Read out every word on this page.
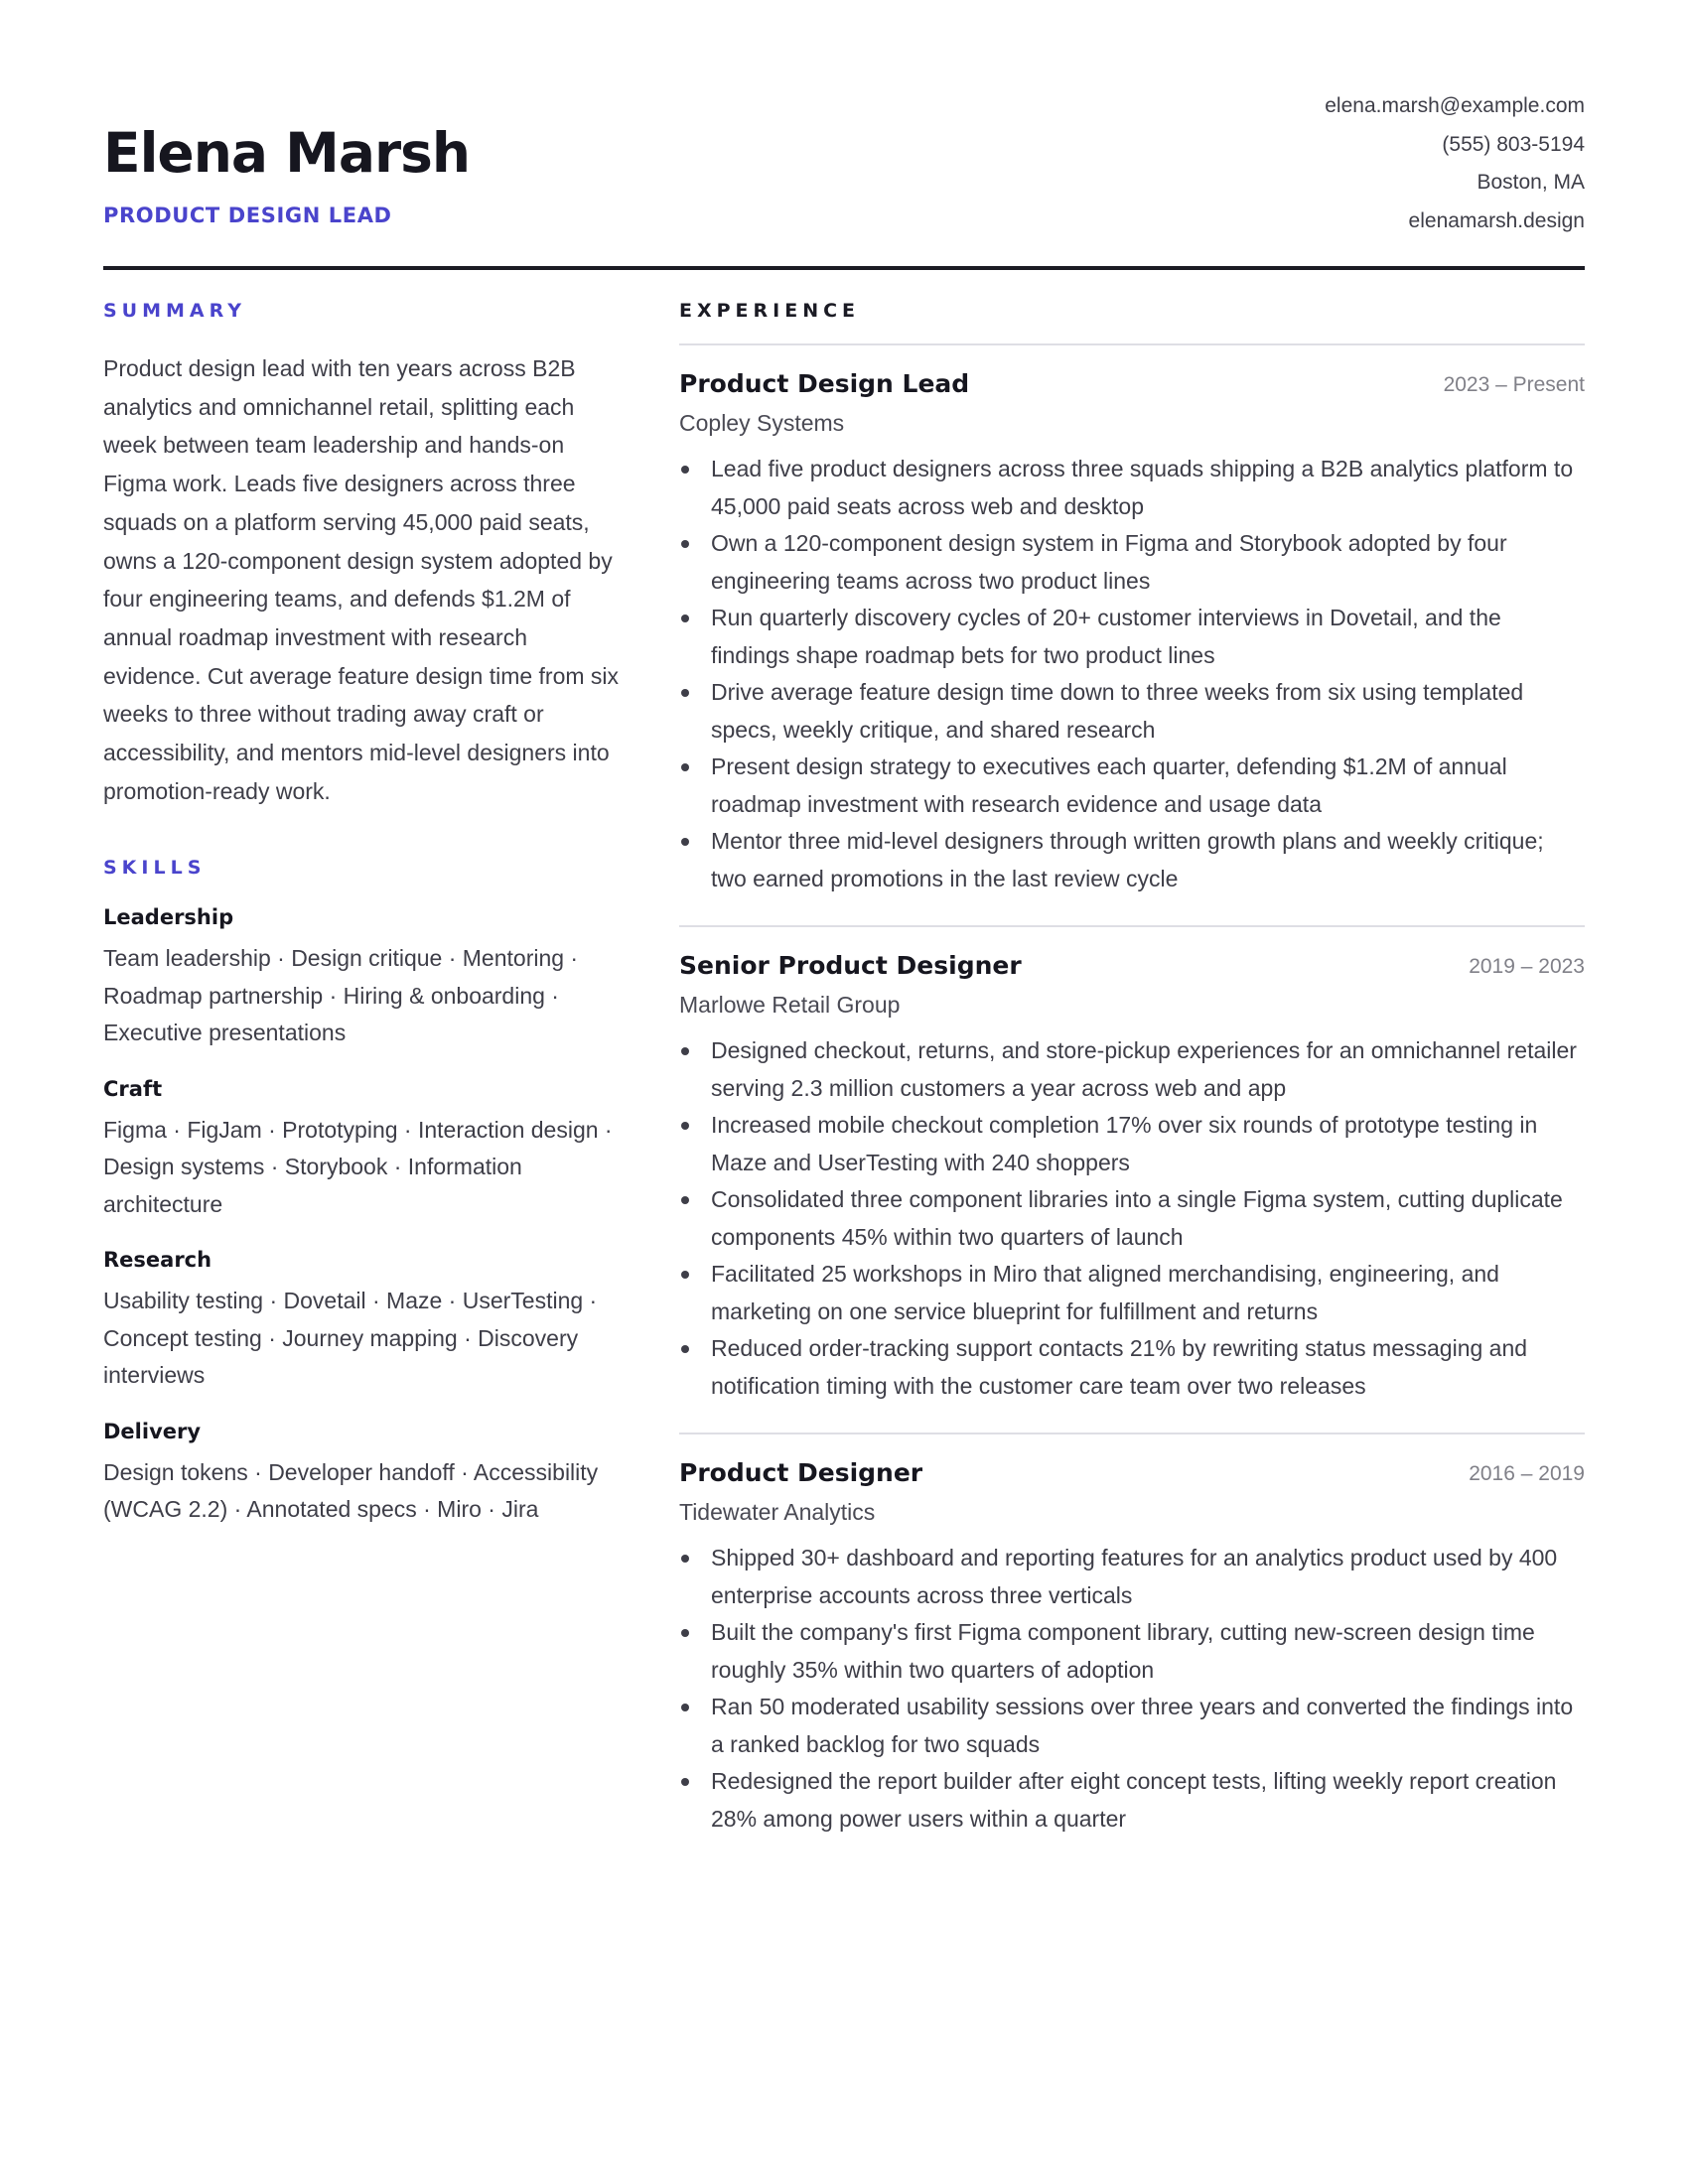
Elena Marsh
PRODUCT DESIGN LEAD
elena.marsh@example.com
(555) 803-5194
Boston, MA
elenamarsh.design
SUMMARY
Product design lead with ten years across B2B analytics and omnichannel retail, splitting each week between team leadership and hands-on Figma work. Leads five designers across three squads on a platform serving 45,000 paid seats, owns a 120-component design system adopted by four engineering teams, and defends $1.2M of annual roadmap investment with research evidence. Cut average feature design time from six weeks to three without trading away craft or accessibility, and mentors mid-level designers into promotion-ready work.
SKILLS
Leadership
Team leadership · Design critique · Mentoring · Roadmap partnership · Hiring & onboarding · Executive presentations
Craft
Figma · FigJam · Prototyping · Interaction design · Design systems · Storybook · Information architecture
Research
Usability testing · Dovetail · Maze · UserTesting · Concept testing · Journey mapping · Discovery interviews
Delivery
Design tokens · Developer handoff · Accessibility (WCAG 2.2) · Annotated specs · Miro · Jira
EXPERIENCE
Product Design Lead	2023 – Present
Copley Systems
Lead five product designers across three squads shipping a B2B analytics platform to 45,000 paid seats across web and desktop
Own a 120-component design system in Figma and Storybook adopted by four engineering teams across two product lines
Run quarterly discovery cycles of 20+ customer interviews in Dovetail, and the findings shape roadmap bets for two product lines
Drive average feature design time down to three weeks from six using templated specs, weekly critique, and shared research
Present design strategy to executives each quarter, defending $1.2M of annual roadmap investment with research evidence and usage data
Mentor three mid-level designers through written growth plans and weekly critique; two earned promotions in the last review cycle
Senior Product Designer	2019 – 2023
Marlowe Retail Group
Designed checkout, returns, and store-pickup experiences for an omnichannel retailer serving 2.3 million customers a year across web and app
Increased mobile checkout completion 17% over six rounds of prototype testing in Maze and UserTesting with 240 shoppers
Consolidated three component libraries into a single Figma system, cutting duplicate components 45% within two quarters of launch
Facilitated 25 workshops in Miro that aligned merchandising, engineering, and marketing on one service blueprint for fulfillment and returns
Reduced order-tracking support contacts 21% by rewriting status messaging and notification timing with the customer care team over two releases
Product Designer	2016 – 2019
Tidewater Analytics
Shipped 30+ dashboard and reporting features for an analytics product used by 400 enterprise accounts across three verticals
Built the company's first Figma component library, cutting new-screen design time roughly 35% within two quarters of adoption
Ran 50 moderated usability sessions over three years and converted the findings into a ranked backlog for two squads
Redesigned the report builder after eight concept tests, lifting weekly report creation 28% among power users within a quarter
